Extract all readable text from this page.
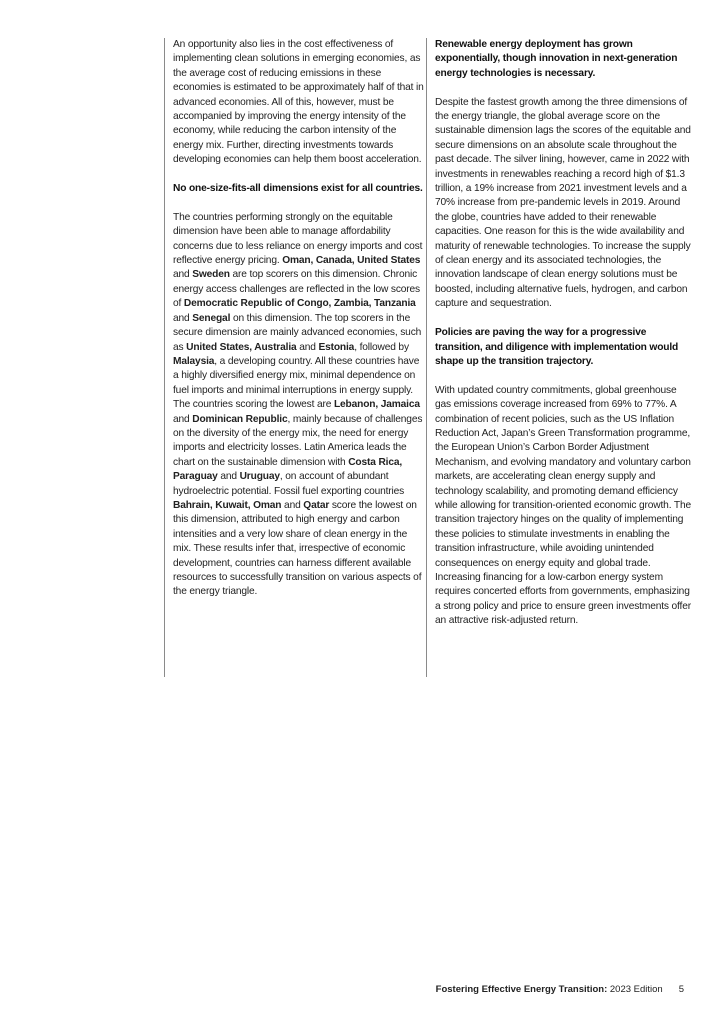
An opportunity also lies in the cost effectiveness of implementing clean solutions in emerging economies, as the average cost of reducing emissions in these economies is estimated to be approximately half of that in advanced economies. All of this, however, must be accompanied by improving the energy intensity of the economy, while reducing the carbon intensity of the energy mix. Further, directing investments towards developing economies can help them boost acceleration.

No one-size-fits-all dimensions exist for all countries.

The countries performing strongly on the equitable dimension have been able to manage affordability concerns due to less reliance on energy imports and cost reflective energy pricing. Oman, Canada, United States and Sweden are top scorers on this dimension. Chronic energy access challenges are reflected in the low scores of Democratic Republic of Congo, Zambia, Tanzania and Senegal on this dimension. The top scorers in the secure dimension are mainly advanced economies, such as United States, Australia and Estonia, followed by Malaysia, a developing country. All these countries have a highly diversified energy mix, minimal dependence on fuel imports and minimal interruptions in energy supply. The countries scoring the lowest are Lebanon, Jamaica and Dominican Republic, mainly because of challenges on the diversity of the energy mix, the need for energy imports and electricity losses. Latin America leads the chart on the sustainable dimension with Costa Rica, Paraguay and Uruguay, on account of abundant hydroelectric potential. Fossil fuel exporting countries Bahrain, Kuwait, Oman and Qatar score the lowest on this dimension, attributed to high energy and carbon intensities and a very low share of clean energy in the mix. These results infer that, irrespective of economic development, countries can harness different available resources to successfully transition on various aspects of the energy triangle.

Renewable energy deployment has grown exponentially, though innovation in next-generation energy technologies is necessary.

Despite the fastest growth among the three dimensions of the energy triangle, the global average score on the sustainable dimension lags the scores of the equitable and secure dimensions on an absolute scale throughout the past decade. The silver lining, however, came in 2022 with investments in renewables reaching a record high of $1.3 trillion, a 19% increase from 2021 investment levels and a 70% increase from pre-pandemic levels in 2019. Around the globe, countries have added to their renewable capacities. One reason for this is the wide availability and maturity of renewable technologies. To increase the supply of clean energy and its associated technologies, the innovation landscape of clean energy solutions must be boosted, including alternative fuels, hydrogen, and carbon capture and sequestration.

Policies are paving the way for a progressive transition, and diligence with implementation would shape up the transition trajectory.

With updated country commitments, global greenhouse gas emissions coverage increased from 69% to 77%. A combination of recent policies, such as the US Inflation Reduction Act, Japan’s Green Transformation programme, the European Union’s Carbon Border Adjustment Mechanism, and evolving mandatory and voluntary carbon markets, are accelerating clean energy supply and technology scalability, and promoting demand efficiency while allowing for transition-oriented economic growth. The transition trajectory hinges on the quality of implementing these policies to stimulate investments in enabling the transition infrastructure, while avoiding unintended consequences on energy equity and global trade. Increasing financing for a low-carbon energy system requires concerted efforts from governments, emphasizing a strong policy and price to ensure green investments offer an attractive risk-adjusted return.

Fostering Effective Energy Transition: 2023 Edition 5
